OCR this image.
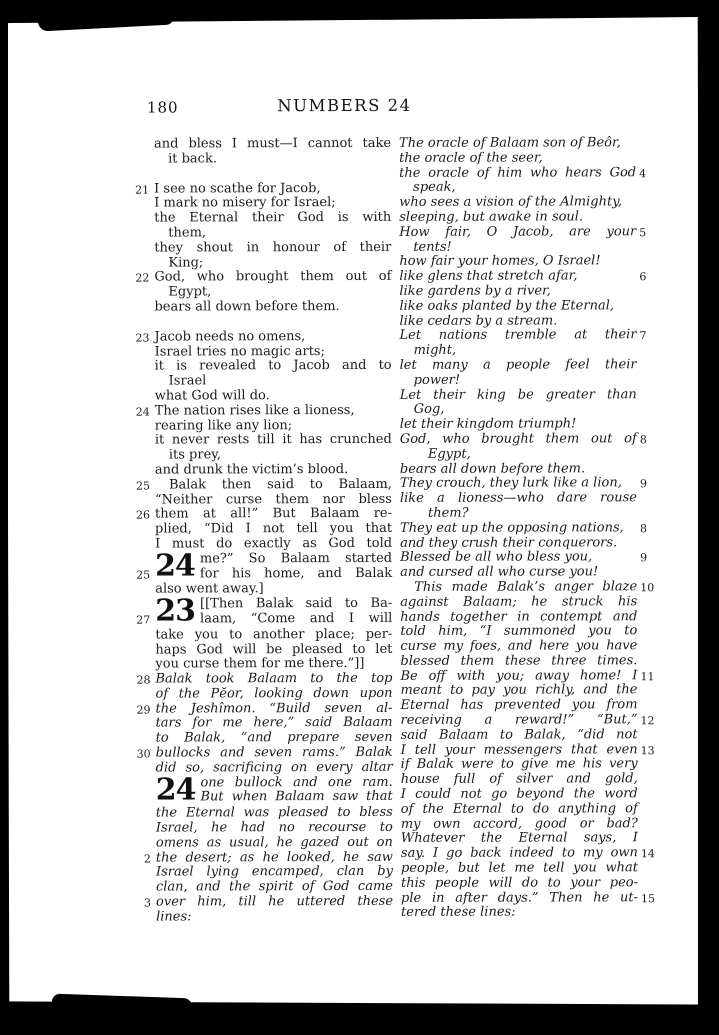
180	NUMBERS 24
and bless I must—I cannot take
it back.
I see no scathe for Jacob,
21
I mark no misery for Israel;
the Eternal their God is with
them,
they shout in honour of their
King;
God, who brought them out of
22
Egypt,
bears all down before them.
Jacob needs no omens,
23
Israel tries no magic arts;
it is revealed to Jacob and to
Israel
what God will do.
The nation rises like a lioness,
24
rearing like any lion;
it never rests till it has crunched
its prey,
and drunk the victim’s blood.
Balak then said to Balaam,
25
“Neither curse them nor bless
them at all!” But Balaam re-
26
plied, “Did I not tell you that
I must do exactly as God told
24 me?” So Balaam started
for his home, and Balak
25
also went away.]
23 [[Then Balak said to Ba-
laam, “Come and I will
27
take you to another place; per-
haps God will be pleased to let
you curse them for me there.”]]
Balak took Balaam to the top
28
of the Pĕor, looking down upon
the Jeshîmon. “Build seven al-
29
tars for me here,” said Balaam
to Balak, “and prepare seven
bullocks and seven rams.” Balak
30
did so, sacrificing on every altar
24 one bullock and one ram.
But when Balaam saw that
the Eternal was pleased to bless
Israel, he had no recourse to
omens as usual, he gazed out on
the desert; as he looked, he saw
2
Israel lying encamped, clan by
clan, and the spirit of God came
over him, till he uttered these
3
lines:
The oracle of Balaam son of Beôr,
the oracle of the seer,
the oracle of him who hears God 4
speak,
who sees a vision of the Almighty,
sleeping, but awake in soul.
How fair, O Jacob, are your 5
tents!
how fair your homes, O Israel!
like glens that stretch afar,	6
like gardens by a river,
like oaks planted by the Eternal,
like cedars by a stream.
Let nations tremble at their 7
might,
let many a people feel their
power!
Let their king be greater than
Gog,
let their kingdom triumph!
God, who brought them out of 8
Egypt,
bears all down before them.
They crouch, they lurk like a lion, 9
like a lioness—who dare rouse
them?
They eat up the opposing nations, 8
and they crush their conquerors.
Blessed be all who bless you,	9
and cursed all who curse you!
This made Balak’s anger blaze 10
against Balaam; he struck his
hands together in contempt and
told him, “I summoned you to
curse my foes, and here you have
blessed them these three times.
Be off with you; away home! I 11
meant to pay you richly, and the
Eternal has prevented you from
receiving a reward!” “But,” 12
said Balaam to Balak, “did not
I tell your messengers that even 13
if Balak were to give me his very
house full of silver and gold,
I could not go beyond the word
of the Eternal to do anything of
my own accord, good or bad?
Whatever the Eternal says, I
say. I go back indeed to my own 14
people, but let me tell you what
this people will do to your peo-
ple in after days.” Then he ut- 15
tered these lines:
